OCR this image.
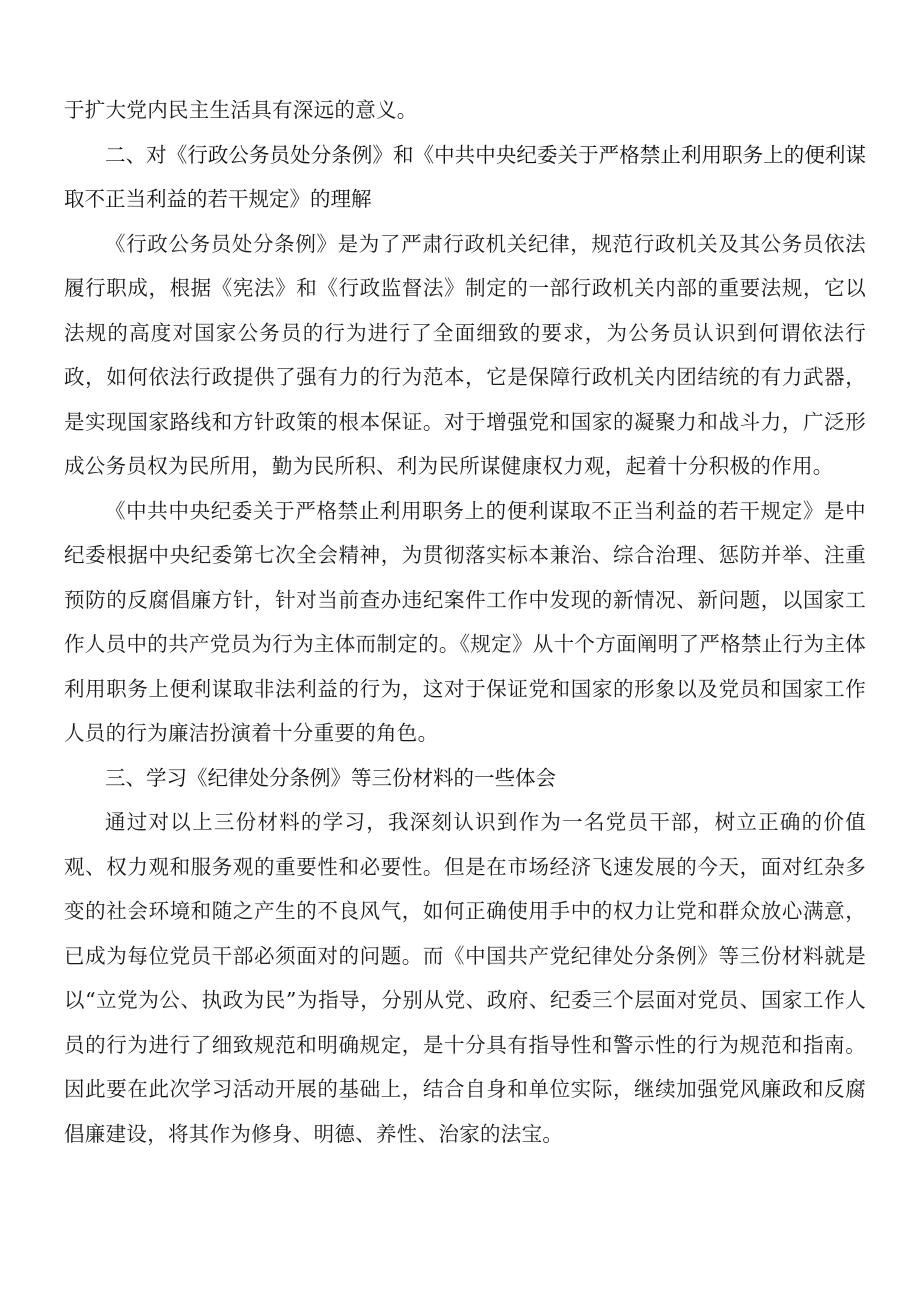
于扩大党内民主生活具有深远的意义。

二、对《行政公务员处分条例》和《中共中央纪委关于严格禁止利用职务上的便利谋取不正当利益的若干规定》的理解

《行政公务员处分条例》是为了严肃行政机关纪律，规范行政机关及其公务员依法履行职成，根据《宪法》和《行政监督法》制定的一部行政机关内部的重要法规，它以法规的高度对国家公务员的行为进行了全面细致的要求，为公务员认识到何谓依法行政，如何依法行政提供了强有力的行为范本，它是保障行政机关内团结统的有力武器，是实现国家路线和方针政策的根本保证。对于增强党和国家的凝聚力和战斗力，广泛形成公务员权为民所用，勤为民所积、利为民所谋健康权力观，起着十分积极的作用。

《中共中央纪委关于严格禁止利用职务上的便利谋取不正当利益的若干规定》是中纪委根据中央纪委第七次全会精神，为贯彻落实标本兼治、综合治理、惩防并举、注重预防的反腐倡廉方针，针对当前查办违纪案件工作中发现的新情况、新问题，以国家工作人员中的共产党员为行为主体而制定的。《规定》从十个方面阐明了严格禁止行为主体利用职务上便利谋取非法利益的行为，这对于保证党和国家的形象以及党员和国家工作人员的行为廉洁扮演着十分重要的角色。

三、学习《纪律处分条例》等三份材料的一些体会

通过对以上三份材料的学习，我深刻认识到作为一名党员干部，树立正确的价值观、权力观和服务观的重要性和必要性。但是在市场经济飞速发展的今天，面对红杂多变的社会环境和随之产生的不良风气，如何正确使用手中的权力让党和群众放心满意，已成为每位党员干部必须面对的问题。而《中国共产党纪律处分条例》等三份材料就是以“立党为公、执政为民”为指导，分别从党、政府、纪委三个层面对党员、国家工作人员的行为进行了细致规范和明确规定，是十分具有指导性和警示性的行为规范和指南。因此要在此次学习活动开展的基础上，结合自身和单位实际，继续加强党风廉政和反腐倡廉建设，将其作为修身、明德、养性、治家的法宝。
